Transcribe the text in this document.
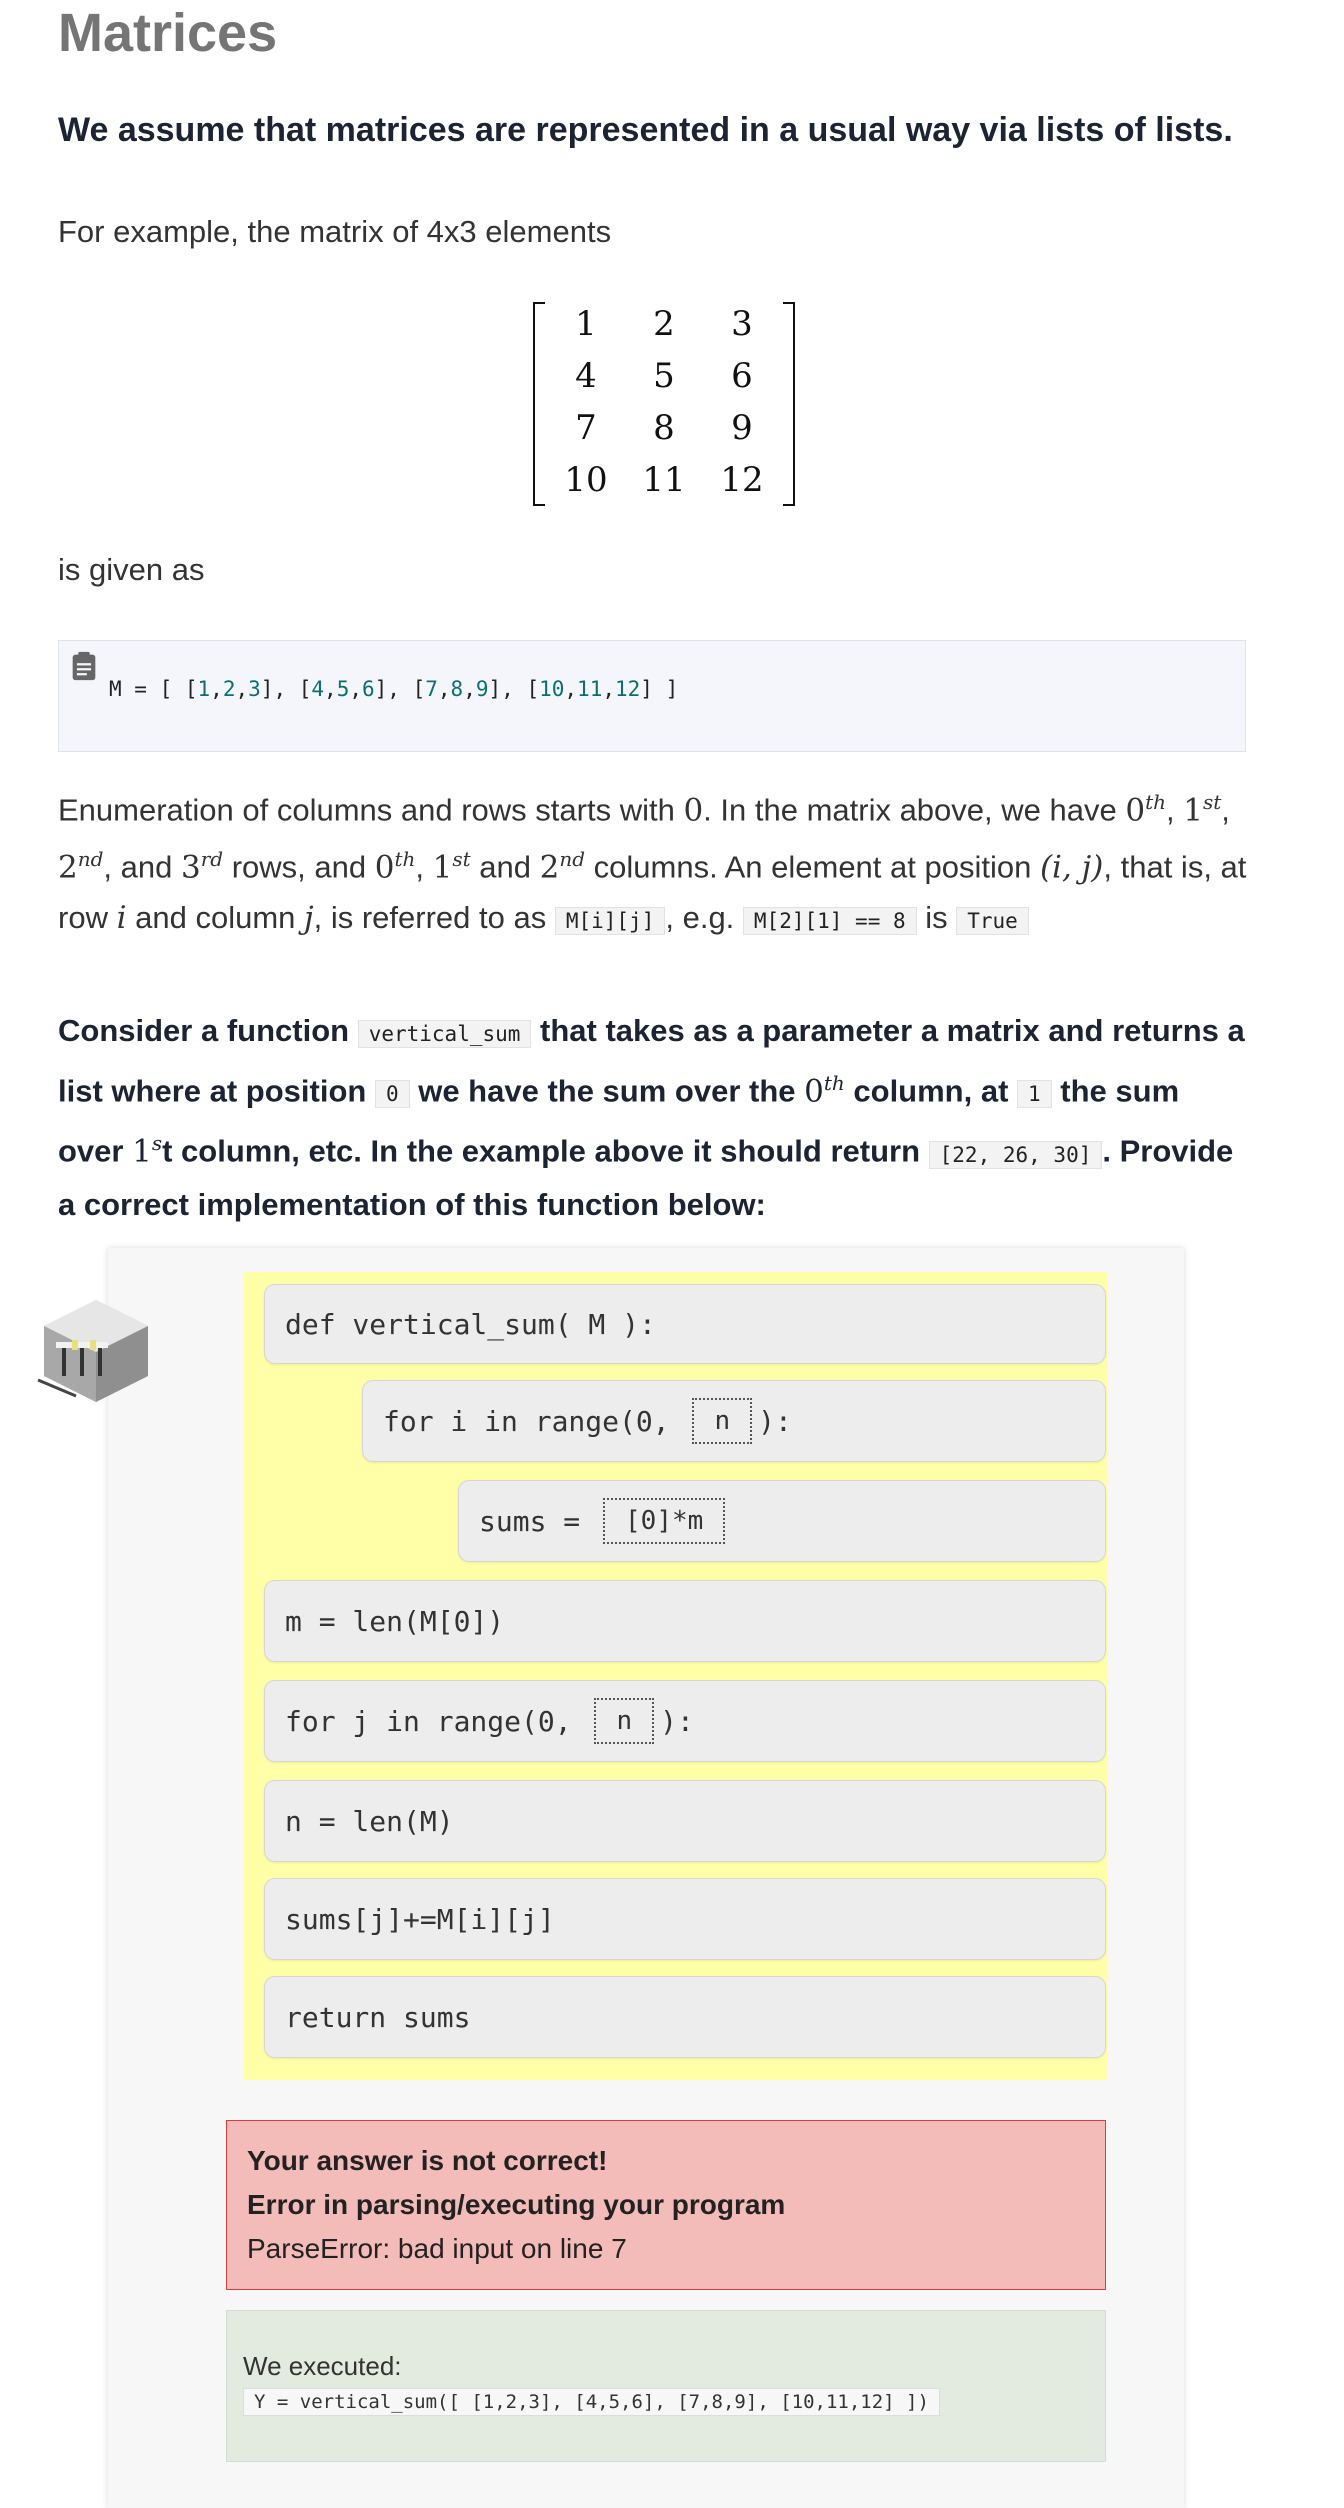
Matrices
We assume that matrices are represented in a usual way via lists of lists.
For example, the matrix of 4x3 elements
1	2	3
4	5	6
7	8	9
10	11	12
is given as
M = [ [1,2,3], [4,5,6], [7,8,9], [10,11,12] ]
Enumeration of columns and rows starts with 0. In the matrix above, we have 0th, 1st, 2nd, and 3rd rows, and 0th, 1st and 2nd columns. An element at position (i, j), that is, at row i and column j, is referred to as M[i][j] , e.g. M[2][1] == 8 is True
Consider a function vertical_sum that takes as a parameter a matrix and returns a list where at position 0 we have the sum over the 0th column, at 1 the sum over 1$^s$t column, etc. In the example above it should return [22, 26, 30] . Provide a correct implementation of this function below:
def vertical_sum( M ):
for i in range(0,	n	):
sums =	[0]*m
m = len(M[0])
for j in range(0,	n	):
n = len(M)
sums[j]+=M[i][j]
return sums
Your answer is not correct!
Error in parsing/executing your program
ParseError: bad input on line 7
We executed:
Y = vertical_sum([ [1,2,3], [4,5,6], [7,8,9], [10,11,12] ])
